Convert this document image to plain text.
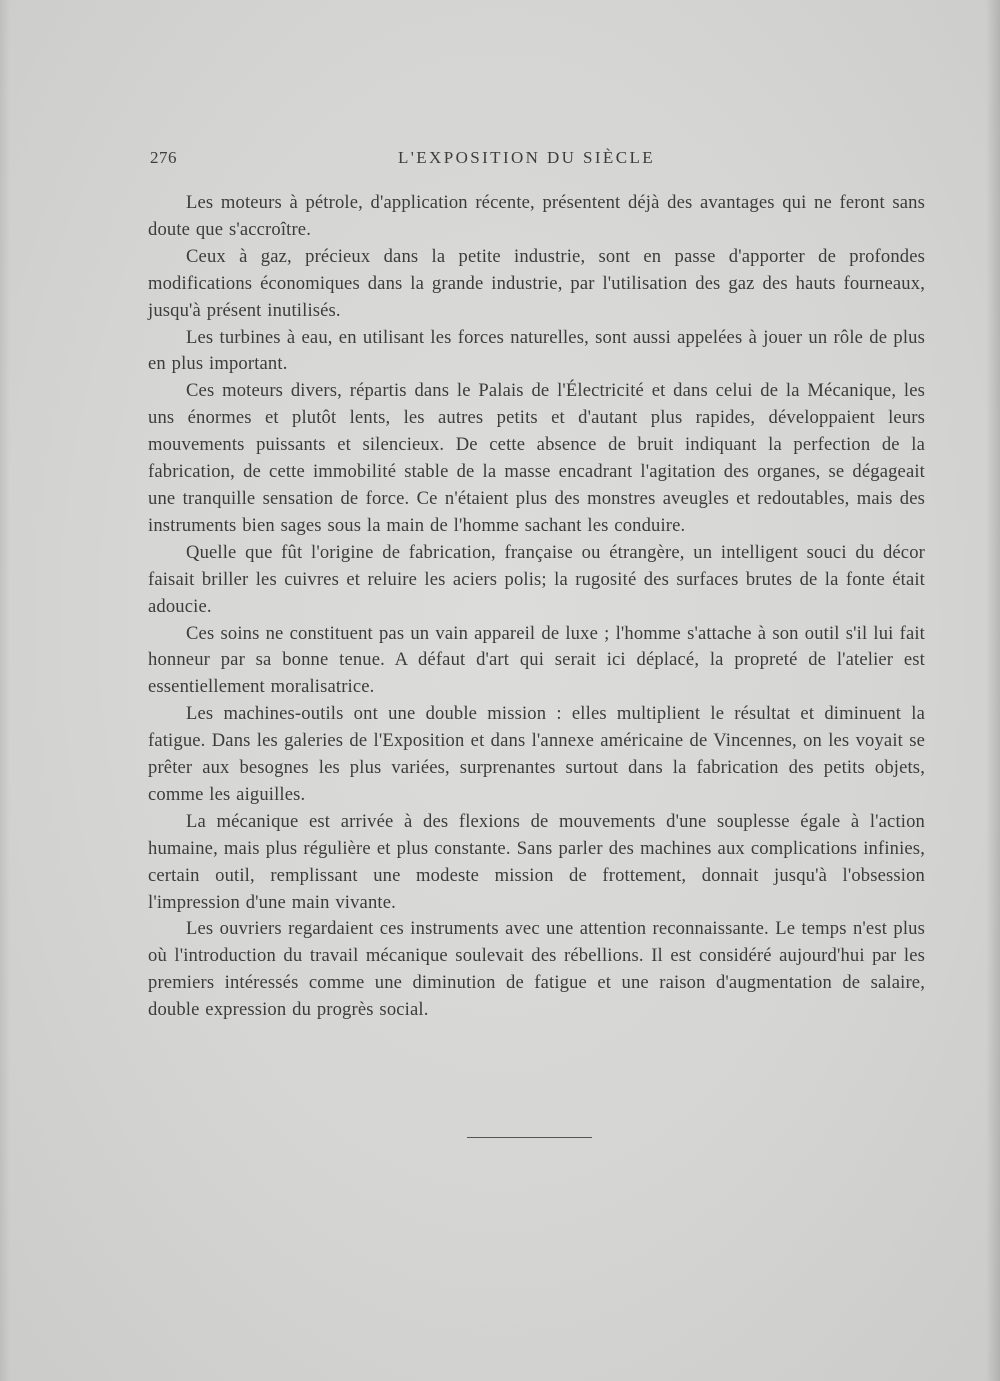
276	L'EXPOSITION DU SIÈCLE

Les moteurs à pétrole, d'application récente, présentent déjà des avantages qui ne feront sans doute que s'accroître.

Ceux à gaz, précieux dans la petite industrie, sont en passe d'apporter de profondes modifications économiques dans la grande industrie, par l'utilisation des gaz des hauts fourneaux, jusqu'à présent inutilisés.

Les turbines à eau, en utilisant les forces naturelles, sont aussi appelées à jouer un rôle de plus en plus important.

Ces moteurs divers, répartis dans le Palais de l'Électricité et dans celui de la Mécanique, les uns énormes et plutôt lents, les autres petits et d'autant plus rapides, développaient leurs mouvements puissants et silencieux. De cette absence de bruit indiquant la perfection de la fabrication, de cette immobilité stable de la masse encadrant l'agitation des organes, se dégageait une tranquille sensation de force. Ce n'étaient plus des monstres aveugles et redoutables, mais des instruments bien sages sous la main de l'homme sachant les conduire.

Quelle que fût l'origine de fabrication, française ou étrangère, un intelligent souci du décor faisait briller les cuivres et reluire les aciers polis; la rugosité des surfaces brutes de la fonte était adoucie.

Ces soins ne constituent pas un vain appareil de luxe ; l'homme s'attache à son outil s'il lui fait honneur par sa bonne tenue. A défaut d'art qui serait ici déplacé, la propreté de l'atelier est essentiellement moralisatrice.

Les machines-outils ont une double mission : elles multiplient le résultat et diminuent la fatigue. Dans les galeries de l'Exposition et dans l'annexe américaine de Vincennes, on les voyait se prêter aux besognes les plus variées, surprenantes surtout dans la fabrication des petits objets, comme les aiguilles.

La mécanique est arrivée à des flexions de mouvements d'une souplesse égale à l'action humaine, mais plus régulière et plus constante. Sans parler des machines aux complications infinies, certain outil, remplissant une modeste mission de frottement, donnait jusqu'à l'obsession l'impression d'une main vivante.

Les ouvriers regardaient ces instruments avec une attention reconnaissante. Le temps n'est plus où l'introduction du travail mécanique soulevait des rébellions. Il est considéré aujourd'hui par les premiers intéressés comme une diminution de fatigue et une raison d'augmentation de salaire, double expression du progrès social.
